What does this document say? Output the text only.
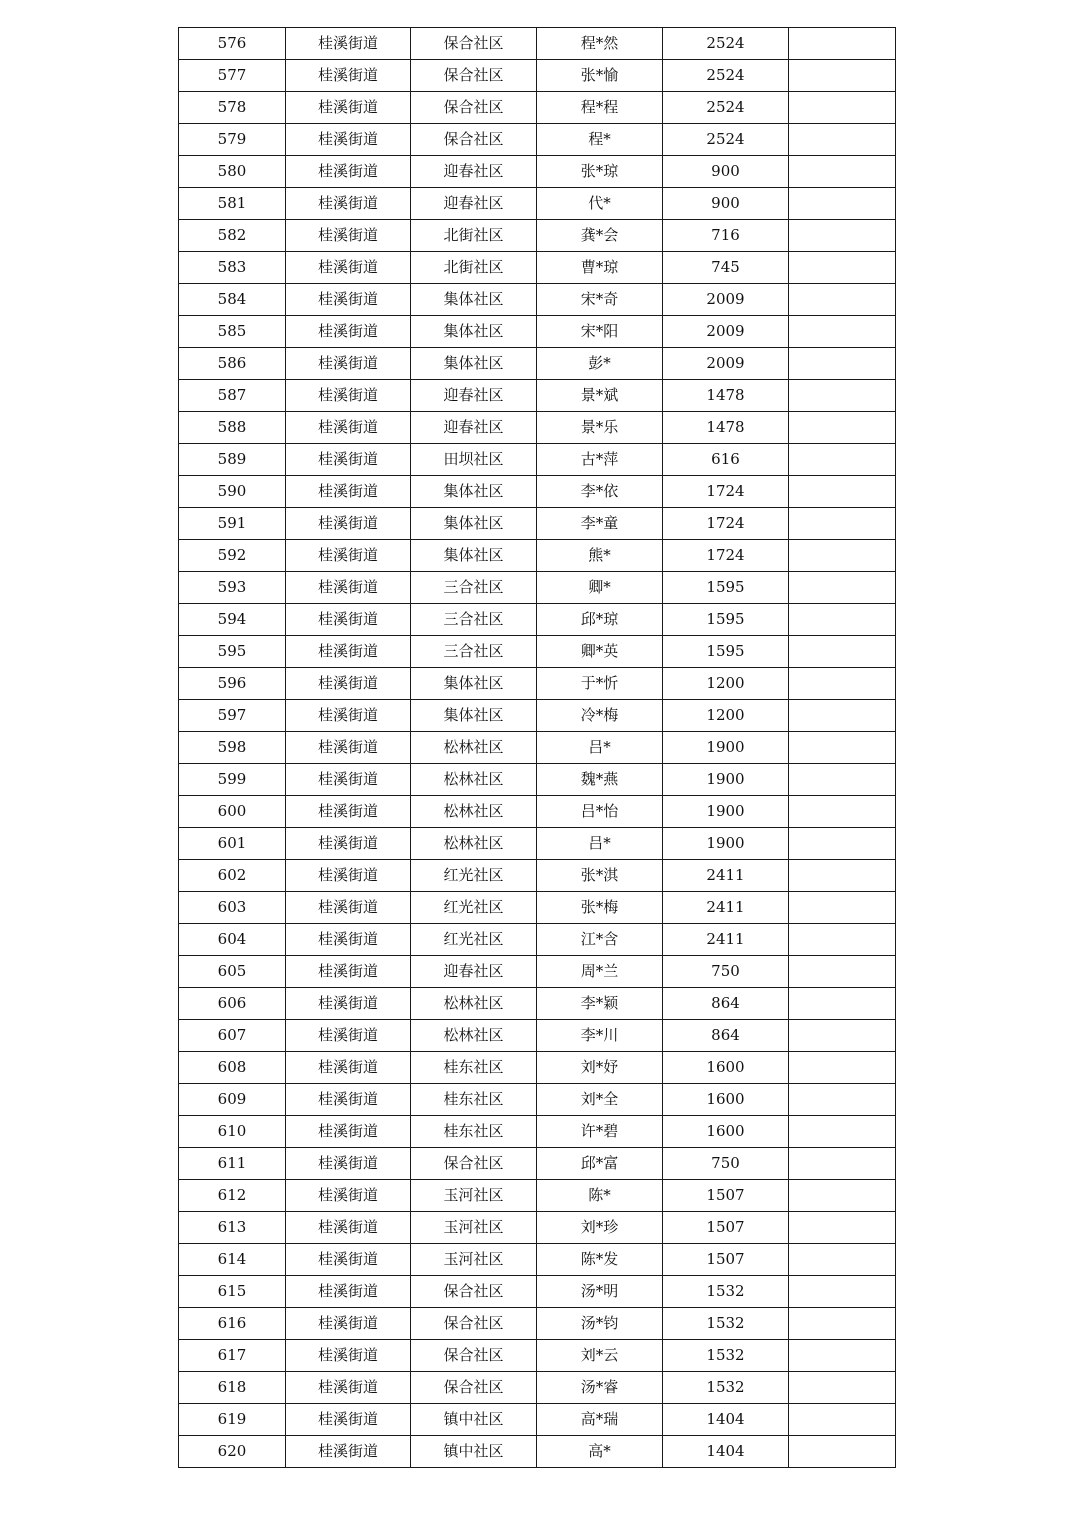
576	桂溪街道	保合社区	程*然	2524	
577	桂溪街道	保合社区	张*愉	2524	
578	桂溪街道	保合社区	程*程	2524	
579	桂溪街道	保合社区	程*	2524	
580	桂溪街道	迎春社区	张*琼	900	
581	桂溪街道	迎春社区	代*	900	
582	桂溪街道	北街社区	龚*会	716	
583	桂溪街道	北街社区	曹*琼	745	
584	桂溪街道	集体社区	宋*奇	2009	
585	桂溪街道	集体社区	宋*阳	2009	
586	桂溪街道	集体社区	彭*	2009	
587	桂溪街道	迎春社区	景*斌	1478	
588	桂溪街道	迎春社区	景*乐	1478	
589	桂溪街道	田坝社区	古*萍	616	
590	桂溪街道	集体社区	李*依	1724	
591	桂溪街道	集体社区	李*童	1724	
592	桂溪街道	集体社区	熊*	1724	
593	桂溪街道	三合社区	卿*	1595	
594	桂溪街道	三合社区	邱*琼	1595	
595	桂溪街道	三合社区	卿*英	1595	
596	桂溪街道	集体社区	于*忻	1200	
597	桂溪街道	集体社区	冷*梅	1200	
598	桂溪街道	松林社区	吕*	1900	
599	桂溪街道	松林社区	魏*燕	1900	
600	桂溪街道	松林社区	吕*怡	1900	
601	桂溪街道	松林社区	吕*	1900	
602	桂溪街道	红光社区	张*淇	2411	
603	桂溪街道	红光社区	张*梅	2411	
604	桂溪街道	红光社区	江*含	2411	
605	桂溪街道	迎春社区	周*兰	750	
606	桂溪街道	松林社区	李*颖	864	
607	桂溪街道	松林社区	李*川	864	
608	桂溪街道	桂东社区	刘*妤	1600	
609	桂溪街道	桂东社区	刘*全	1600	
610	桂溪街道	桂东社区	许*碧	1600	
611	桂溪街道	保合社区	邱*富	750	
612	桂溪街道	玉河社区	陈*	1507	
613	桂溪街道	玉河社区	刘*珍	1507	
614	桂溪街道	玉河社区	陈*发	1507	
615	桂溪街道	保合社区	汤*明	1532	
616	桂溪街道	保合社区	汤*钧	1532	
617	桂溪街道	保合社区	刘*云	1532	
618	桂溪街道	保合社区	汤*睿	1532	
619	桂溪街道	镇中社区	高*瑞	1404	
620	桂溪街道	镇中社区	高*	1404	
